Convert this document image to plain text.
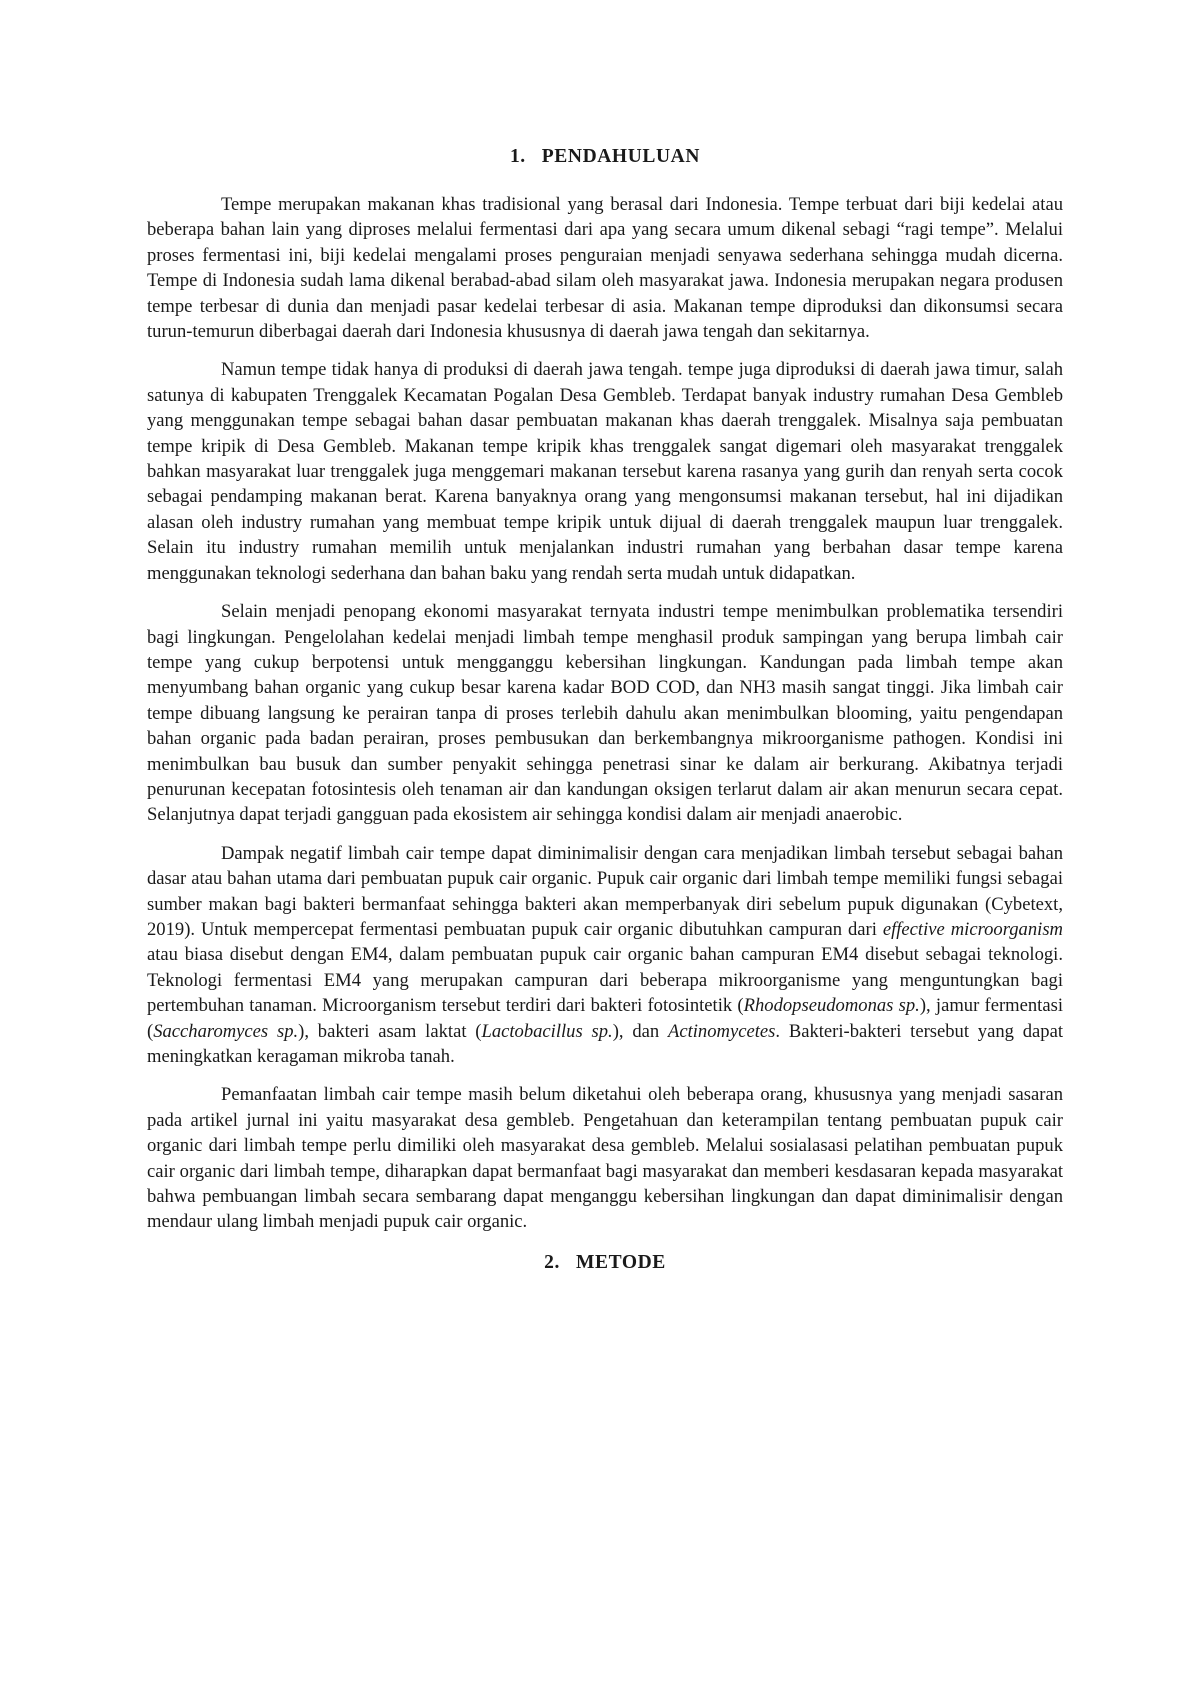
1. PENDAHULUAN

Tempe merupakan makanan khas tradisional yang berasal dari Indonesia. Tempe terbuat dari biji kedelai atau beberapa bahan lain yang diproses melalui fermentasi dari apa yang secara umum dikenal sebagi “ragi tempe”. Melalui proses fermentasi ini, biji kedelai mengalami proses penguraian menjadi senyawa sederhana sehingga mudah dicerna. Tempe di Indonesia sudah lama dikenal berabad-abad silam oleh masyarakat jawa. Indonesia merupakan negara produsen tempe terbesar di dunia dan menjadi pasar kedelai terbesar di asia. Makanan tempe diproduksi dan dikonsumsi secara turun-temurun diberbagai daerah dari Indonesia khususnya di daerah jawa tengah dan sekitarnya.

Namun tempe tidak hanya di produksi di daerah jawa tengah. tempe juga diproduksi di daerah jawa timur, salah satunya di kabupaten Trenggalek Kecamatan Pogalan Desa Gembleb. Terdapat banyak industry rumahan Desa Gembleb yang menggunakan tempe sebagai bahan dasar pembuatan makanan khas daerah trenggalek. Misalnya saja pembuatan tempe kripik di Desa Gembleb. Makanan tempe kripik khas trenggalek sangat digemari oleh masyarakat trenggalek bahkan masyarakat luar trenggalek juga menggemari makanan tersebut karena rasanya yang gurih dan renyah serta cocok sebagai pendamping makanan berat. Karena banyaknya orang yang mengonsumsi makanan tersebut, hal ini dijadikan alasan oleh industry rumahan yang membuat tempe kripik untuk dijual di daerah trenggalek maupun luar trenggalek. Selain itu industry rumahan memilih untuk menjalankan industri rumahan yang berbahan dasar tempe karena menggunakan teknologi sederhana dan bahan baku yang rendah serta mudah untuk didapatkan.

Selain menjadi penopang ekonomi masyarakat ternyata industri tempe menimbulkan problematika tersendiri bagi lingkungan. Pengelolahan kedelai menjadi limbah tempe menghasil produk sampingan yang berupa limbah cair tempe yang cukup berpotensi untuk mengganggu kebersihan lingkungan. Kandungan pada limbah tempe akan menyumbang bahan organic yang cukup besar karena kadar BOD COD, dan NH3 masih sangat tinggi. Jika limbah cair tempe dibuang langsung ke perairan tanpa di proses terlebih dahulu akan menimbulkan blooming, yaitu pengendapan bahan organic pada badan perairan, proses pembusukan dan berkembangnya mikroorganisme pathogen. Kondisi ini menimbulkan bau busuk dan sumber penyakit sehingga penetrasi sinar ke dalam air berkurang. Akibatnya terjadi penurunan kecepatan fotosintesis oleh tenaman air dan kandungan oksigen terlarut dalam air akan menurun secara cepat. Selanjutnya dapat terjadi gangguan pada ekosistem air sehingga kondisi dalam air menjadi anaerobic.

Dampak negatif limbah cair tempe dapat diminimalisir dengan cara menjadikan limbah tersebut sebagai bahan dasar atau bahan utama dari pembuatan pupuk cair organic. Pupuk cair organic dari limbah tempe memiliki fungsi sebagai sumber makan bagi bakteri bermanfaat sehingga bakteri akan memperbanyak diri sebelum pupuk digunakan (Cybetext, 2019). Untuk mempercepat fermentasi pembuatan pupuk cair organic dibutuhkan campuran dari effective microorganism atau biasa disebut dengan EM4, dalam pembuatan pupuk cair organic bahan campuran EM4 disebut sebagai teknologi. Teknologi fermentasi EM4 yang merupakan campuran dari beberapa mikroorganisme yang menguntungkan bagi pertembuhan tanaman. Microorganism tersebut terdiri dari bakteri fotosintetik (Rhodopseudomonas sp.), jamur fermentasi (Saccharomyces sp.), bakteri asam laktat (Lactobacillus sp.), dan Actinomycetes. Bakteri-bakteri tersebut yang dapat meningkatkan keragaman mikroba tanah.

Pemanfaatan limbah cair tempe masih belum diketahui oleh beberapa orang, khususnya yang menjadi sasaran pada artikel jurnal ini yaitu masyarakat desa gembleb. Pengetahuan dan keterampilan tentang pembuatan pupuk cair organic dari limbah tempe perlu dimiliki oleh masyarakat desa gembleb. Melalui sosialasasi pelatihan pembuatan pupuk cair organic dari limbah tempe, diharapkan dapat bermanfaat bagi masyarakat dan memberi kesdasaran kepada masyarakat bahwa pembuangan limbah secara sembarang dapat menganggu kebersihan lingkungan dan dapat diminimalisir dengan mendaur ulang limbah menjadi pupuk cair organic.

2. METODE
